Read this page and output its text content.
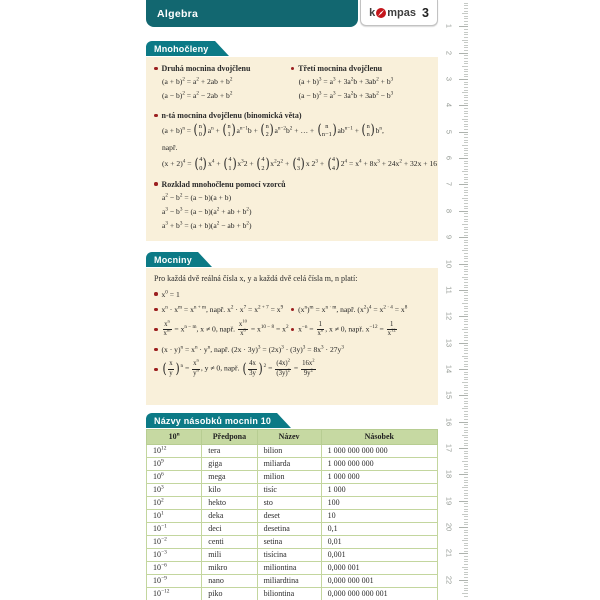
Algebra	k mpas 3
Mnohočleny
Druhá mocnina dvojčlenu
$(a + b)^2 = a^2 + 2ab + b^2$
$(a - b)^2 = a^2 - 2ab + b^2$
Třetí mocnina dvojčlenu
$(a + b)^3 = a^3 + 3a^2b + 3ab^2 + b^3$
$(a - b)^3 = a^3 - 3a^2b + 3ab^2 - b^3$
n-tá mocnina dvojčlenu (binomická věta)
$(a + b)^n$ = ( n
0 ) $a^n$ + ( n
1 ) $a^{n-1}b$ + ( n
2 ) $a^{n-2}b^2$ + … + ( n
n−1 ) $ab^{n-1}$ + ( n
n ) $b^n$,
např.
$(x + 2)^4$ = ( 4
0 ) $x^4$ + ( 4
1 ) $x^32$ + ( 4
2 ) $x^22^2$ + ( 4
3 ) x $2^3$ + ( 4
4 ) $2^4 = x^4 + 8x^3 + 24x^2 + 32x + 16$
Rozklad mnohočlenu pomocí vzorců
$a^2 - b^2 = (a - b)(a + b)$
$a^3 - b^3 = (a - b)(a^2$ + ab + $b^2$)
$a^3 + b^3 = (a + b)(a^2$ − ab + $b^2$)
Mocniny
Pro každá dvě reálná čísla x, y a každá dvě celá čísla m, n platí:
$x^0 = 1$
$x^n \cdot x^m = x^{n + m}$, např. $x^2 \cdot x^7 = x^{2 + 7} = x^9$ $(x^n)^m = x^{n \cdot m}$, např. $(x^2)^4 = x^{2 \cdot 4} = x^8$
$\frac{x^n}{x^m} = x^{n - m}$, x ≠ 0, např. $\frac{x^{10}}{x^8} = x^{10 - 8} = x^2$ $x^{-n} = \frac{1}{x^n}$ , x ≠ 0, např. $x^{-12} = \frac{1}{x^{12}}$
$(x \cdot y)^n = x^n \cdot y^n$, např. $(2x \cdot 3y)^3 = (2x)^3 \cdot (3y)^3 = 8x^3 \cdot 27y^3$
( $\frac{x}{y}$ ) $^n = \frac{x^n}{y^n}$ , y ≠ 0, např. ( $\frac{4x}{3y}$ ) $^2 = \frac{(4x)^2}{(3y)^2} = \frac{16x^2}{9y^2}$
Názvy násobků mocnin 10
10$^n$	Předpona	Název	Násobek
$10^{12}$	tera	bilion	1 000 000 000 000
$10^9$	giga	miliarda	1 000 000 000
$10^6$	mega	milion	1 000 000
$10^3$	kilo	tisíc	1 000
$10^2$	hekto	sto	100
$10^1$	deka	deset	10
$10^{-1}$	deci	desetina	0,1
$10^{-2}$	centi	setina	0,01
$10^{-3}$	mili	tisícina	0,001
$10^{-6}$	mikro	miliontina	0,000 001
$10^{-9}$	nano	miliardtina	0,000 000 001
$10^{-12}$	piko	biliontina	0,000 000 000 001
1
2
3
4
5
6
7
8
9
10
11
12
13
14
15
16
17
18
19
20
21
22
